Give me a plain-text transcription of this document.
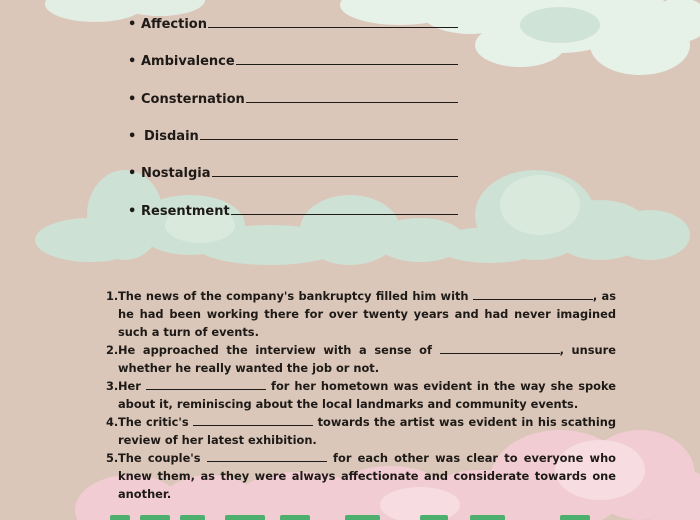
• Affection
• Ambivalence
• Consternation
• Disdain
• Nostalgia
• Resentment
1. The news of the company's bankruptcy filled him with	, as he had been working there for over twenty years and had never imagined such a turn of events.
2. He approached the interview with a sense of	, unsure whether he really wanted the job or not.
3. Her	for her hometown was evident in the way she spoke about it, reminiscing about the local landmarks and community events.
4. The critic's	towards the artist was evident in his scathing review of her latest exhibition.
5. The couple's	for each other was clear to everyone who knew them, as they were always affectionate and considerate towards one another.
